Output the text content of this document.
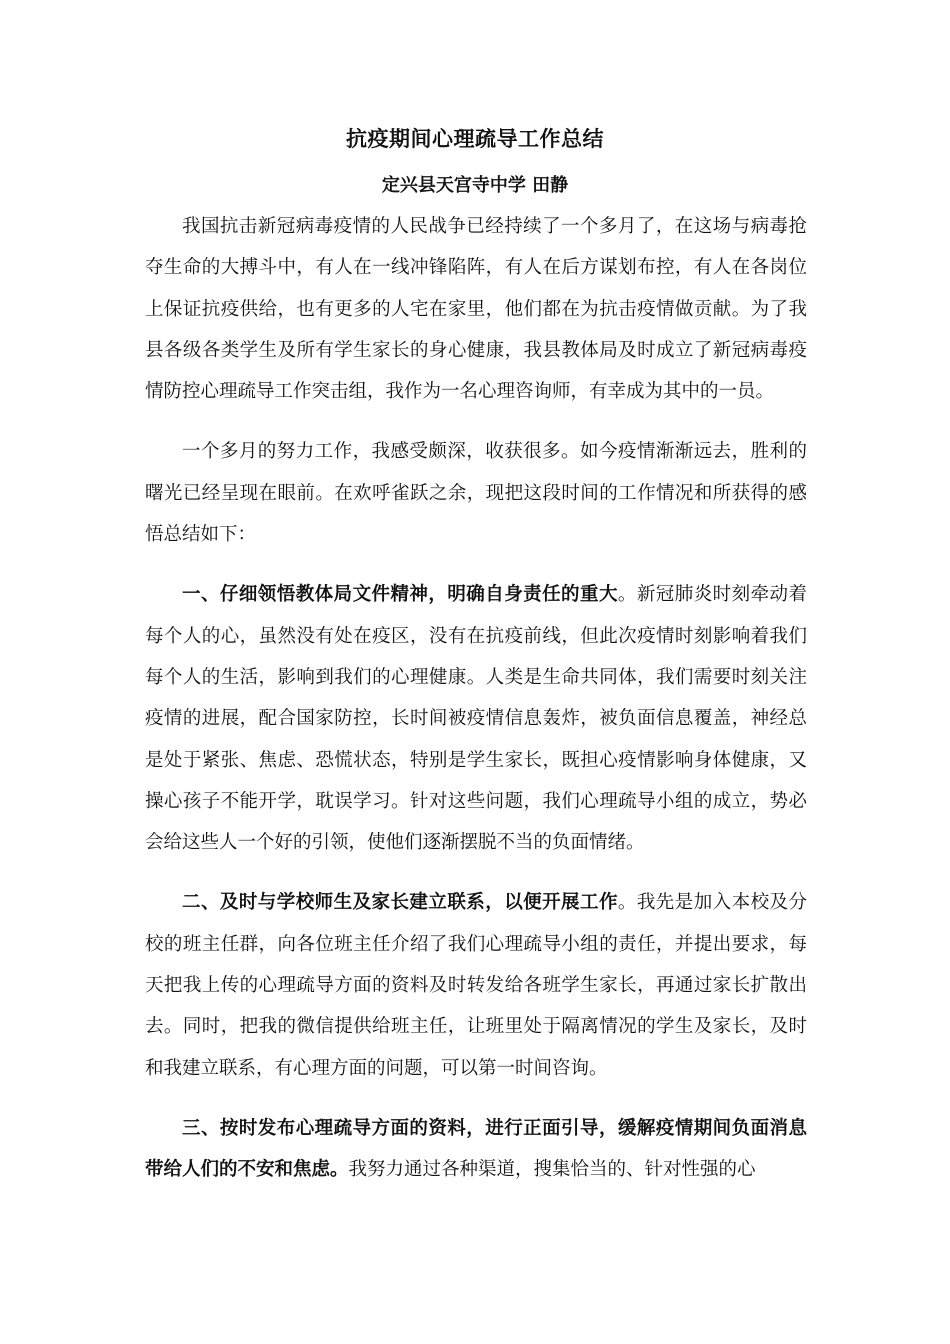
抗疫期间心理疏导工作总结
定兴县天宫寺中学 田静

我国抗击新冠病毒疫情的人民战争已经持续了一个多月了，在这场与病毒抢夺生命的大搏斗中，有人在一线冲锋陷阵，有人在后方谋划布控，有人在各岗位上保证抗疫供给，也有更多的人宅在家里，他们都在为抗击疫情做贡献。为了我县各级各类学生及所有学生家长的身心健康，我县教体局及时成立了新冠病毒疫情防控心理疏导工作突击组，我作为一名心理咨询师，有幸成为其中的一员。

一个多月的努力工作，我感受颇深，收获很多。如今疫情渐渐远去，胜利的曙光已经呈现在眼前。在欢呼雀跃之余，现把这段时间的工作情况和所获得的感悟总结如下：

一、仔细领悟教体局文件精神，明确自身责任的重大。新冠肺炎时刻牵动着每个人的心，虽然没有处在疫区，没有在抗疫前线，但此次疫情时刻影响着我们每个人的生活，影响到我们的心理健康。人类是生命共同体，我们需要时刻关注疫情的进展，配合国家防控，长时间被疫情信息轰炸，被负面信息覆盖，神经总是处于紧张、焦虑、恐慌状态，特别是学生家长，既担心疫情影响身体健康，又操心孩子不能开学，耽误学习。针对这些问题，我们心理疏导小组的成立，势必会给这些人一个好的引领，使他们逐渐摆脱不当的负面情绪。

二、及时与学校师生及家长建立联系，以便开展工作。我先是加入本校及分校的班主任群，向各位班主任介绍了我们心理疏导小组的责任，并提出要求，每天把我上传的心理疏导方面的资料及时转发给各班学生家长，再通过家长扩散出去。同时，把我的微信提供给班主任，让班里处于隔离情况的学生及家长，及时和我建立联系，有心理方面的问题，可以第一时间咨询。

三、按时发布心理疏导方面的资料，进行正面引导，缓解疫情期间负面消息带给人们的不安和焦虑。我努力通过各种渠道，搜集恰当的、针对性强的心
